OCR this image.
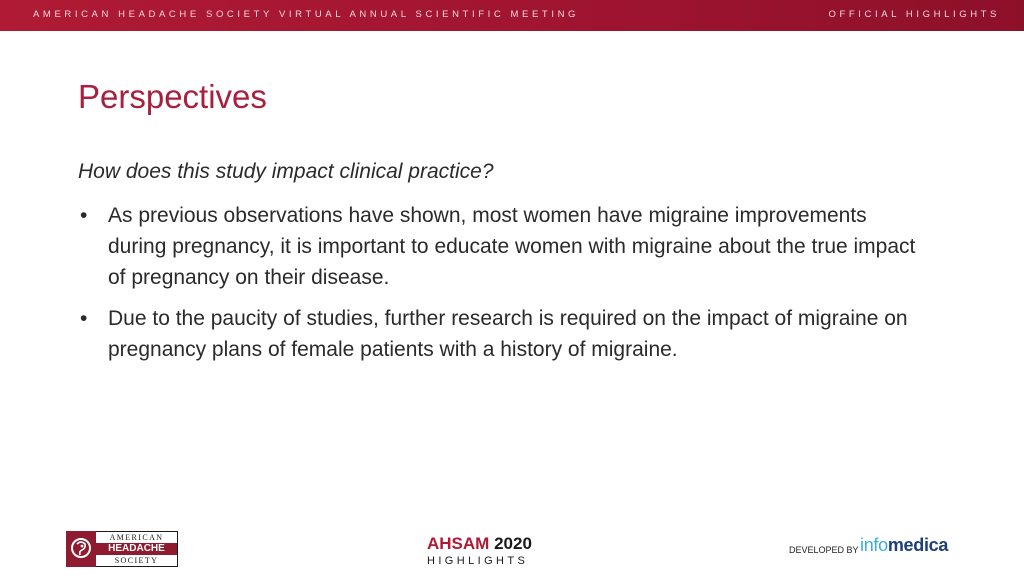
AMERICAN HEADACHE SOCIETY VIRTUAL ANNUAL SCIENTIFIC MEETING	OFFICIAL HIGHLIGHTS
Perspectives
How does this study impact clinical practice?
• As previous observations have shown, most women have migraine improvements during pregnancy, it is important to educate women with migraine about the true impact of pregnancy on their disease.
• Due to the paucity of studies, further research is required on the impact of migraine on pregnancy plans of female patients with a history of migraine.
AMERICAN
HEADACHE
SOCIETY
AHSAM 2020
HIGHLIGHTS
DEVELOPED BY infomedica
